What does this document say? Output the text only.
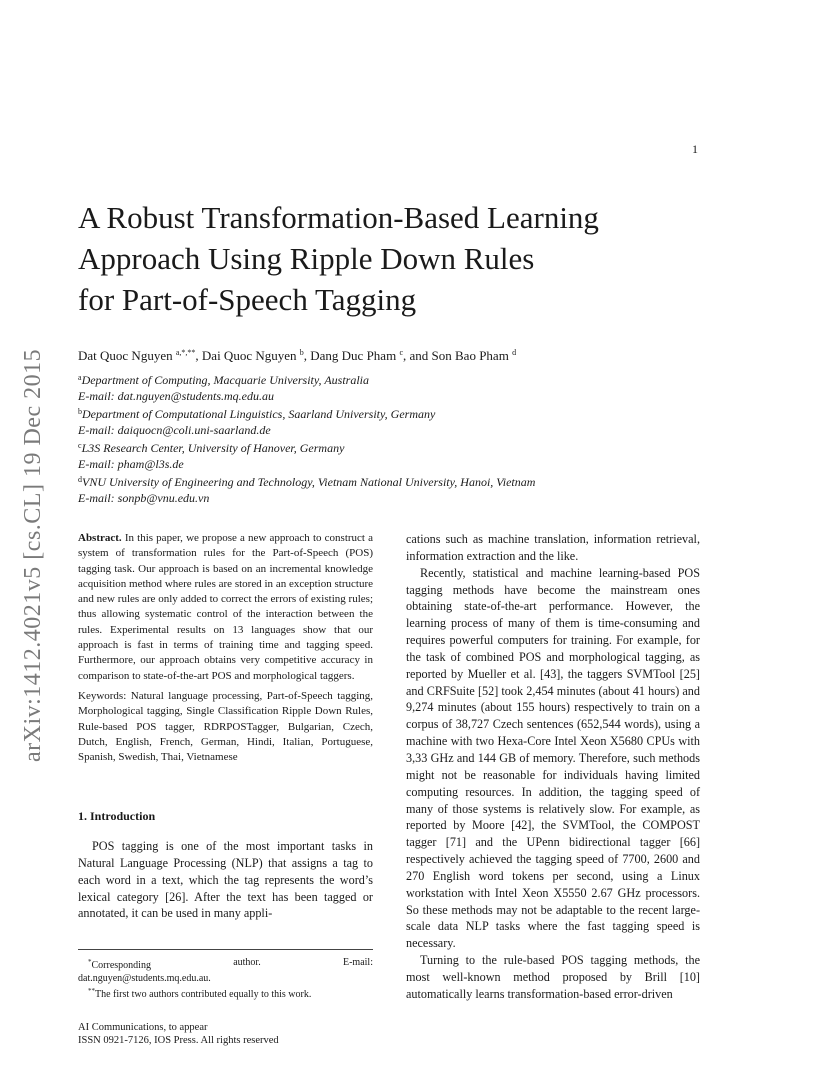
1
arXiv:1412.4021v5 [cs.CL] 19 Dec 2015
A Robust Transformation-Based Learning
Approach Using Ripple Down Rules
for Part-of-Speech Tagging
Dat Quoc Nguyen $^{a,*,**}$, Dai Quoc Nguyen $^b$, Dang Duc Pham $^c$, and Son Bao Pham $^d$
$^a$Department of Computing, Macquarie University, Australia
E-mail: dat.nguyen@students.mq.edu.au
$^b$Department of Computational Linguistics, Saarland University, Germany
E-mail: daiquocn@coli.uni-saarland.de
$^c$L3S Research Center, University of Hanover, Germany
E-mail: pham@l3s.de
$^d$VNU University of Engineering and Technology, Vietnam National University, Hanoi, Vietnam
E-mail: sonpb@vnu.edu.vn

Abstract. In this paper, we propose a new approach to construct a system of transformation rules for the Part-of-Speech (POS) tagging task. Our approach is based on an incremental knowledge acquisition method where rules are stored in an exception structure and new rules are only added to correct the errors of existing rules; thus allowing systematic control of the interaction between the rules. Experimental results on 13 languages show that our approach is fast in terms of training time and tagging speed. Furthermore, our approach obtains very competitive accuracy in comparison to state-of-the-art POS and morphological taggers.

Keywords: Natural language processing, Part-of-Speech tagging, Morphological tagging, Single Classification Ripple Down Rules, Rule-based POS tagger, RDRPOSTagger, Bulgarian, Czech, Dutch, English, French, German, Hindi, Italian, Portuguese, Spanish, Swedish, Thai, Vietnamese

1. Introduction

POS tagging is one of the most important tasks in Natural Language Processing (NLP) that assigns a tag to each word in a text, which the tag represents the word’s lexical category [26]. After the text has been tagged or annotated, it can be used in many appli-

cations such as machine translation, information retrieval, information extraction and the like.

Recently, statistical and machine learning-based POS tagging methods have become the mainstream ones obtaining state-of-the-art performance. However, the learning process of many of them is time-consuming and requires powerful computers for training. For example, for the task of combined POS and morphological tagging, as reported by Mueller et al. [43], the taggers SVMTool [25] and CRFSuite [52] took 2,454 minutes (about 41 hours) and 9,274 minutes (about 155 hours) respectively to train on a corpus of 38,727 Czech sentences (652,544 words), using a machine with two Hexa-Core Intel Xeon X5680 CPUs with 3,33 GHz and 144 GB of memory. Therefore, such methods might not be reasonable for individuals having limited computing resources. In addition, the tagging speed of many of those systems is relatively slow. For example, as reported by Moore [42], the SVMTool, the COMPOST tagger [71] and the UPenn bidirectional tagger [66] respectively achieved the tagging speed of 7700, 2600 and 270 English word tokens per second, using a Linux workstation with Intel Xeon X5550 2.67 GHz processors. So these methods may not be adaptable to the recent large-scale data NLP tasks where the fast tagging speed is necessary.

Turning to the rule-based POS tagging methods, the most well-known method proposed by Brill [10] automatically learns transformation-based error-driven

*Corresponding	author.	E-mail:
dat.nguyen@students.mq.edu.au.
**The first two authors contributed equally to this work.
AI Communications, to appear
ISSN 0921-7126, IOS Press. All rights reserved
